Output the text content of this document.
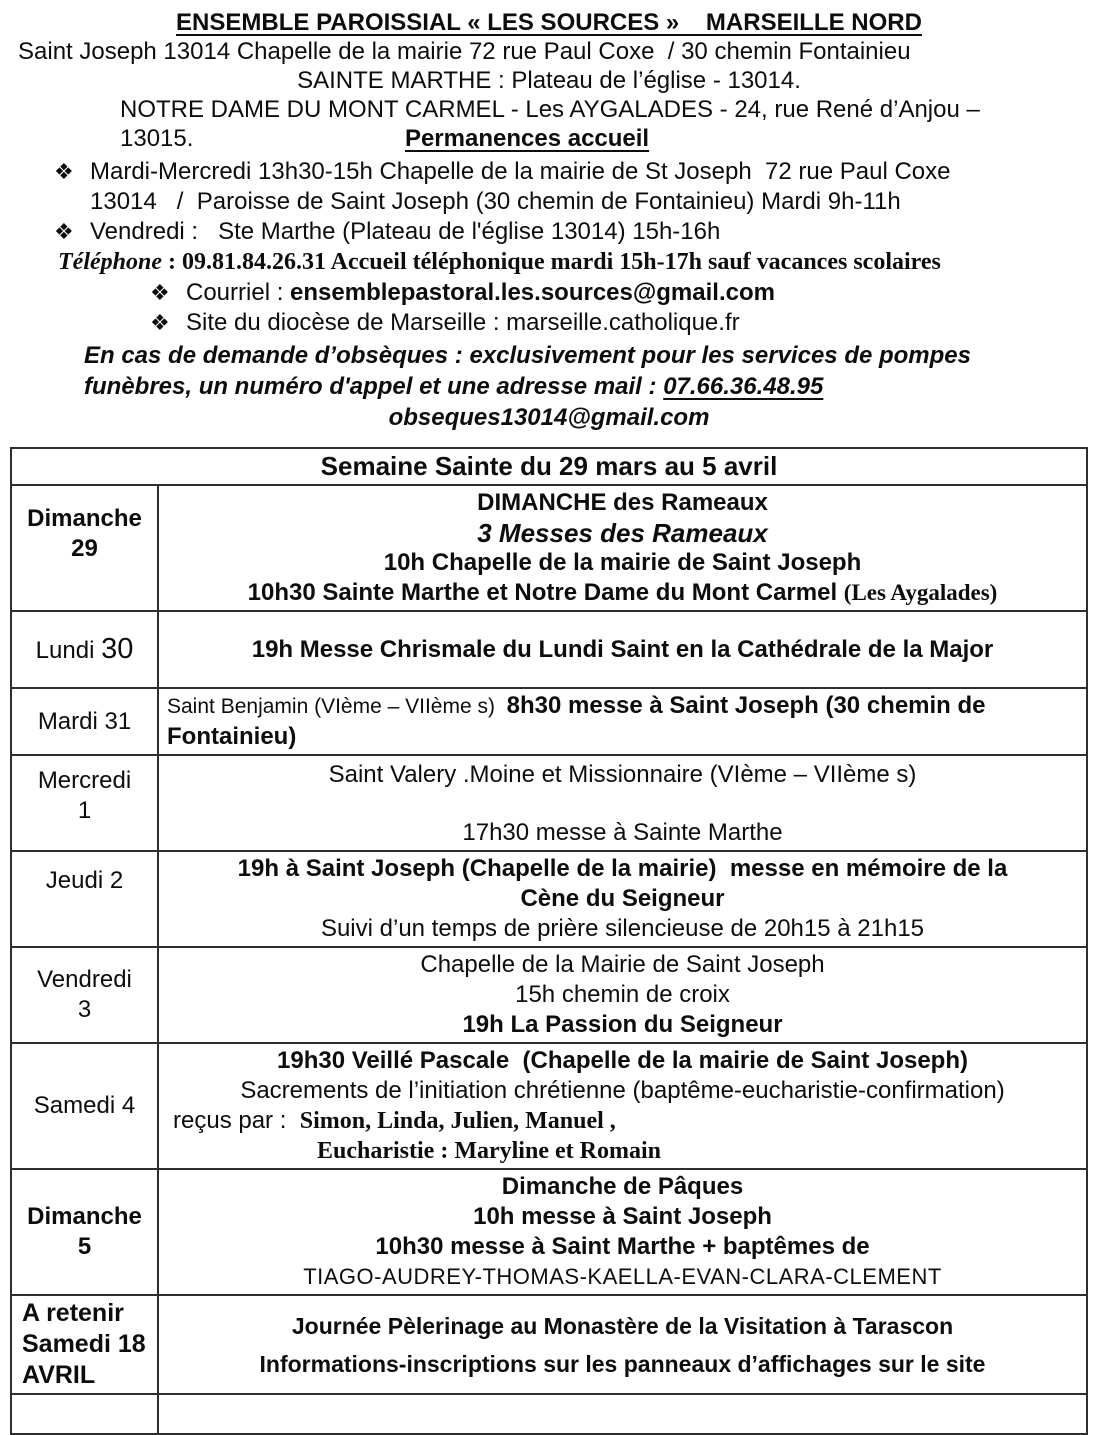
ENSEMBLE PAROISSIAL « LES SOURCES »    MARSEILLE NORD
Saint Joseph 13014 Chapelle de la mairie 72 rue Paul Coxe  / 30 chemin Fontainieu
SAINTE MARTHE : Plateau de l’église - 13014.
NOTRE DAME DU MONT CARMEL - Les AYGALADES - 24, rue René d’Anjou –
13015.	Permanences accueil
❖ Mardi-Mercredi 13h30-15h Chapelle de la mairie de St Joseph  72 rue Paul Coxe
13014   /  Paroisse de Saint Joseph (30 chemin de Fontainieu) Mardi 9h-11h
❖ Vendredi :   Ste Marthe (Plateau de l'église 13014) 15h-16h
Téléphone : 09.81.84.26.31 Accueil téléphonique mardi 15h-17h sauf vacances scolaires
❖ Courriel : ensemblepastoral.les.sources@gmail.com
❖ Site du diocèse de Marseille : marseille.catholique.fr
En cas de demande d’obsèques : exclusivement pour les services de pompes
funèbres, un numéro d'appel et une adresse mail : 07.66.36.48.95
obseques13014@gmail.com
Semaine Sainte du 29 mars au 5 avril	

Dimanche
29	DIMANCHE des Rameaux
3 Messes des Rameaux
10h Chapelle de la mairie de Saint Joseph
10h30 Sainte Marthe et Notre Dame du Mont Carmel (Les Aygalades)

Lundi 30	19h Messe Chrismale du Lundi Saint en la Cathédrale de la Major
Mardi 31	Saint Benjamin (VIème – VIIème s)  8h30 messe à Saint Joseph (30 chemin de Fontainieu)

Mercredi
1	Saint Valery .Moine et Missionnaire (VIème – VIIème s)
17h30 messe à Sainte Marthe

Jeudi 2	19h à Saint Joseph (Chapelle de la mairie)  messe en mémoire de la
Cène du Seigneur
Suivi d’un temps de prière silencieuse de 20h15 à 21h15

Vendredi
3	Chapelle de la Mairie de Saint Joseph
15h chemin de croix
19h La Passion du Seigneur

Samedi 4	19h30 Veillé Pascale  (Chapelle de la mairie de Saint Joseph)
Sacrements de l’initiation chrétienne (baptême-eucharistie-confirmation)
reçus par :  Simon, Linda, Julien, Manuel ,
Eucharistie : Maryline et Romain

Dimanche
5	Dimanche de Pâques
10h messe à Saint Joseph
10h30 messe à Saint Marthe + baptêmes de
TIAGO-AUDREY-THOMAS-KAELLA-EVAN-CLARA-CLEMENT

A retenir
Samedi 18
AVRIL	Journée Pèlerinage au Monastère de la Visitation à Tarascon
Informations-inscriptions sur les panneaux d’affichages sur le site
